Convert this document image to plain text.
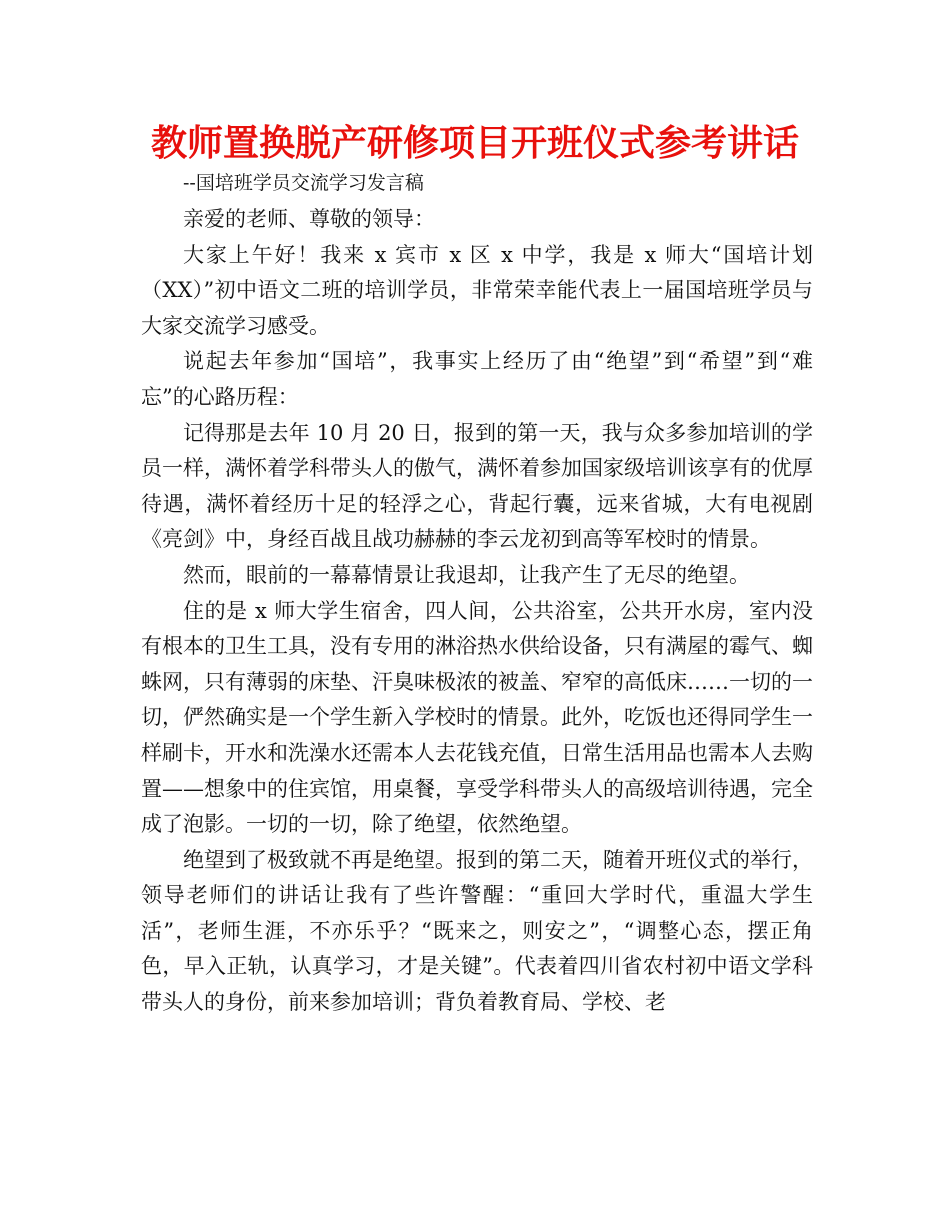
教师置换脱产研修项目开班仪式参考讲话
--国培班学员交流学习发言稿

亲爱的老师、尊敬的领导：

大家上午好！我来 x 宾市 x 区 x 中学，我是 x 师大“国培计划（XX）”初中语文二班的培训学员，非常荣幸能代表上一届国培班学员与大家交流学习感受。

说起去年参加“国培”，我事实上经历了由“绝望”到“希望”到“难忘”的心路历程：

记得那是去年 10 月 20 日，报到的第一天，我与众多参加培训的学员一样，满怀着学科带头人的傲气，满怀着参加国家级培训该享有的优厚待遇，满怀着经历十足的轻浮之心，背起行囊，远来省城，大有电视剧《亮剑》中，身经百战且战功赫赫的李云龙初到高等军校时的情景。

然而，眼前的一幕幕情景让我退却，让我产生了无尽的绝望。

住的是 x 师大学生宿舍，四人间，公共浴室，公共开水房，室内没有根本的卫生工具，没有专用的淋浴热水供给设备，只有满屋的霉气、蜘蛛网，只有薄弱的床垫、汗臭味极浓的被盖、窄窄的高低床……一切的一切，俨然确实是一个学生新入学校时的情景。此外，吃饭也还得同学生一样刷卡，开水和洗澡水还需本人去花钱充值，日常生活用品也需本人去购置——想象中的住宾馆，用桌餐，享受学科带头人的高级培训待遇，完全成了泡影。一切的一切，除了绝望，依然绝望。

绝望到了极致就不再是绝望。报到的第二天，随着开班仪式的举行，领导老师们的讲话让我有了些许警醒：“重回大学时代，重温大学生活”，老师生涯，不亦乐乎？“既来之，则安之”，“调整心态，摆正角色，早入正轨，认真学习，才是关键”。代表着四川省农村初中语文学科带头人的身份，前来参加培训；背负着教育局、学校、老
